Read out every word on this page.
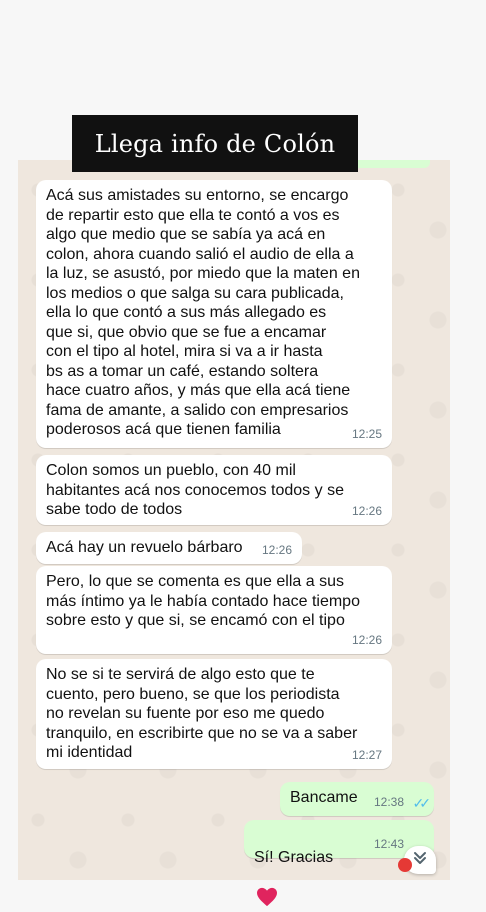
Llega info de Colón
Acá sus amistades su entorno, se encargo
de repartir esto que ella te contó a vos es
algo que medio que se sabía ya acá en
colon, ahora cuando salió el audio de ella a
la luz, se asustó, por miedo que la maten en
los medios o que salga su cara publicada,
ella lo que contó a sus más allegado es
que si, que obvio que se fue a encamar
con el tipo al hotel, mira si va a ir hasta
bs as a tomar un café, estando soltera
hace cuatro años, y más que ella acá tiene
fama de amante, a salido con empresarios
poderosos acá que tienen familia	12:25
Colon somos un pueblo, con 40 mil
habitantes acá nos conocemos todos y se
sabe todo de todos	12:26
Acá hay un revuelo bárbaro	12:26
Pero, lo que se comenta es que ella a sus
más íntimo ya le había contado hace tiempo
sobre esto y que si, se encamó con el tipo
12:26
No se si te servirá de algo esto que te
cuento, pero bueno, se que los periodista
no revelan su fuente por eso me quedo
tranquilo, en escribirte que no se va a saber
mi identidad	12:27
Bancame	12:38 ✓✓

Sí! Gracias

12:43
